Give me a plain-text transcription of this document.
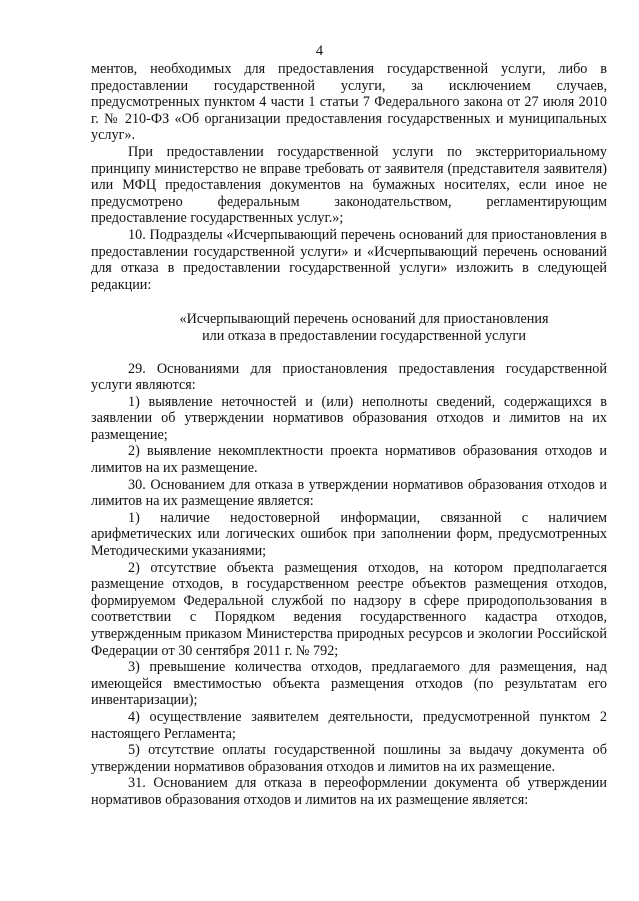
4

ментов, необходимых для предоставления государственной услуги, либо в предоставлении государственной услуги, за исключением случаев, предусмотренных пунктом 4 части 1 статьи 7 Федерального закона от 27 июля 2010 г. № 210-ФЗ «Об организации предоставления государственных и муниципальных услуг».

При предоставлении государственной услуги по экстерриториальному принципу министерство не вправе требовать от заявителя (представителя заявителя) или МФЦ предоставления документов на бумажных носителях, если иное не предусмотрено федеральным законодательством, регламентирующим предоставление государственных услуг.»;

10. Подразделы «Исчерпывающий перечень оснований для приостановления в предоставлении государственной услуги» и «Исчерпывающий перечень оснований для отказа в предоставлении государственной услуги» изложить в следующей редакции:

«Исчерпывающий перечень оснований для приостановления

или отказа в предоставлении государственной услуги

29. Основаниями для приостановления предоставления государственной услуги являются:

1) выявление неточностей и (или) неполноты сведений, содержащихся в заявлении об утверждении нормативов образования отходов и лимитов на их размещение;

2) выявление некомплектности проекта нормативов образования отходов и лимитов на их размещение.

30. Основанием для отказа в утверждении нормативов образования отходов и лимитов на их размещение является:

1) наличие недостоверной информации, связанной с наличием арифметических или логических ошибок при заполнении форм, предусмотренных Методическими указаниями;

2) отсутствие объекта размещения отходов, на котором предполагается размещение отходов, в государственном реестре объектов размещения отходов, формируемом Федеральной службой по надзору в сфере природопользования в соответствии с Порядком ведения государственного кадастра отходов, утвержденным приказом Министерства природных ресурсов и экологии Российской Федерации от 30 сентября 2011 г. № 792;

3) превышение количества отходов, предлагаемого для размещения, над имеющейся вместимостью объекта размещения отходов (по результатам его инвентаризации);

4) осуществление заявителем деятельности, предусмотренной пунктом 2 настоящего Регламента;

5) отсутствие оплаты государственной пошлины за выдачу документа об утверждении нормативов образования отходов и лимитов на их размещение.

31. Основанием для отказа в переоформлении документа об утверждении нормативов образования отходов и лимитов на их размещение является:
